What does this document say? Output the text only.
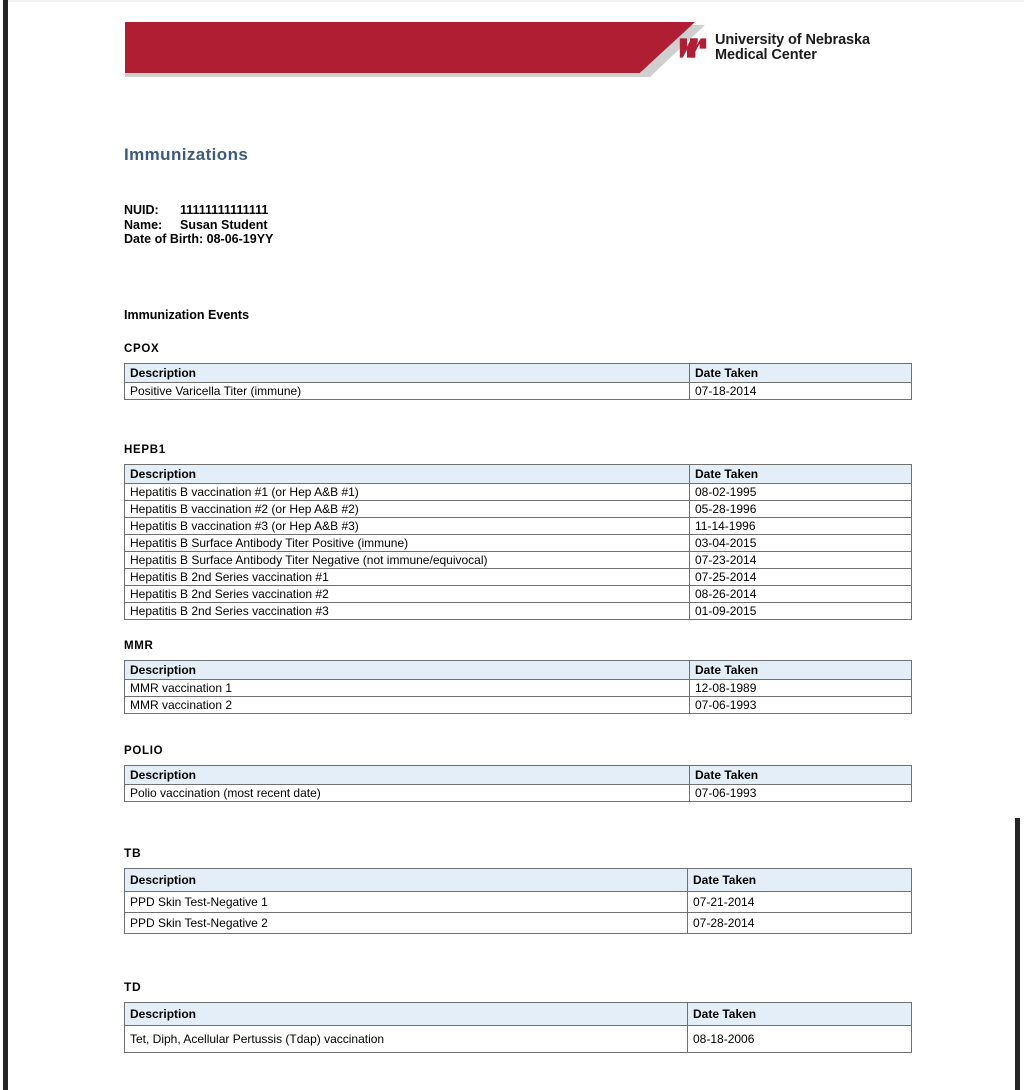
University of Nebraska
Medical Center
Immunizations
NUID: 11111111111111
Name: Susan Student
Date of Birth: 08-06-19YY
Immunization Events
CPOX
Description	Date Taken
Positive Varicella Titer (immune)	07-18-2014
HEPB1
Description	Date Taken
Hepatitis B vaccination #1 (or Hep A&B #1)	08-02-1995
Hepatitis B vaccination #2 (or Hep A&B #2)	05-28-1996
Hepatitis B vaccination #3 (or Hep A&B #3)	11-14-1996
Hepatitis B Surface Antibody Titer Positive (immune)	03-04-2015
Hepatitis B Surface Antibody Titer Negative (not immune/equivocal)	07-23-2014
Hepatitis B 2nd Series vaccination #1	07-25-2014
Hepatitis B 2nd Series vaccination #2	08-26-2014
Hepatitis B 2nd Series vaccination #3	01-09-2015
MMR
Description	Date Taken
MMR vaccination 1	12-08-1989
MMR vaccination 2	07-06-1993
POLIO
Description	Date Taken
Polio vaccination (most recent date)	07-06-1993
TB
Description	Date Taken
PPD Skin Test-Negative 1	07-21-2014
PPD Skin Test-Negative 2	07-28-2014
TD
Description	Date Taken
Tet, Diph, Acellular Pertussis (Tdap) vaccination	08-18-2006
